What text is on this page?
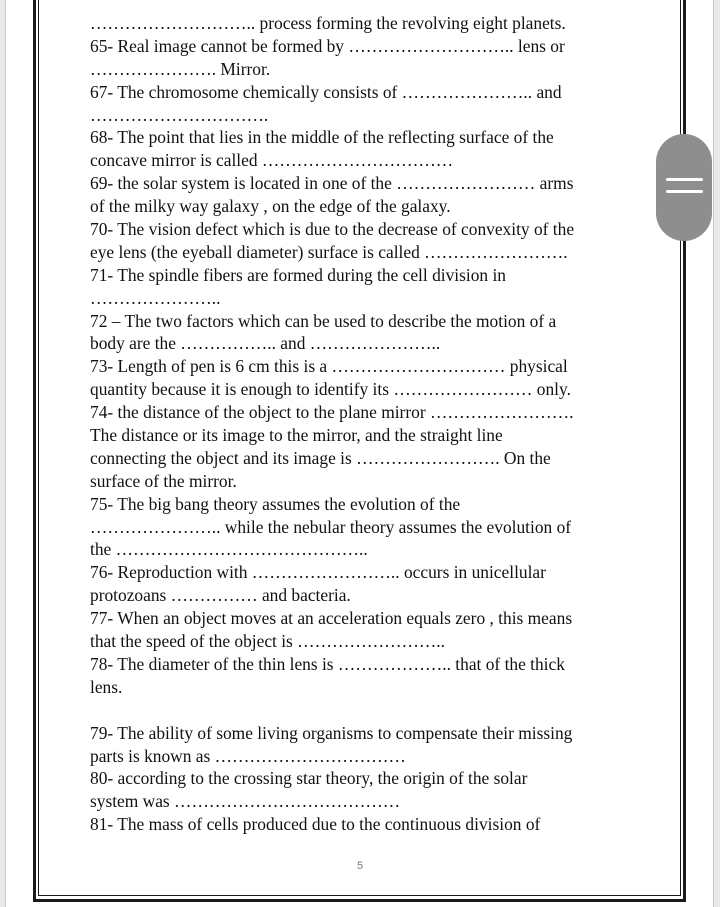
……………………….. process forming the revolving eight planets.
65- Real image cannot be formed by ……………………….. lens or
…………………. Mirror.
67- The chromosome chemically consists of ………………….. and
………………………….
68- The point that lies in the middle of the reflecting surface of the
concave mirror is called ……………………………
69- the solar system is located in one of the …………………… arms
of the milky way galaxy , on the edge of the galaxy.
70- The vision defect which is due to the decrease of convexity of the
eye lens (the eyeball diameter) surface is called …………………….
71- The spindle fibers are formed during the cell division in
…………………..
72 – The two factors which can be used to describe the motion of a
body are the …………….. and …………………..
73- Length of pen is 6 cm this is a ………………………… physical
quantity because it is enough to identify its …………………… only.
74- the distance of the object to the plane mirror …………………….
The distance or its image to the mirror, and the straight line
connecting the object and its image is ……………………. On the
surface of the mirror.
75- The big bang theory assumes the evolution of the
………………….. while the nebular theory assumes the evolution of
the ……………………………………..
76- Reproduction with …………………….. occurs in unicellular
protozoans …………… and bacteria.
77- When an object moves at an acceleration equals zero , this means
that the speed of the object is ……………………..
78- The diameter of the thin lens is ……………….. that of the thick
lens.
79- The ability of some living organisms to compensate their missing
parts is known as ……………………………
80- according to the crossing star theory, the origin of the solar
system was …………………………………
81- The mass of cells produced due to the continuous division of
5
